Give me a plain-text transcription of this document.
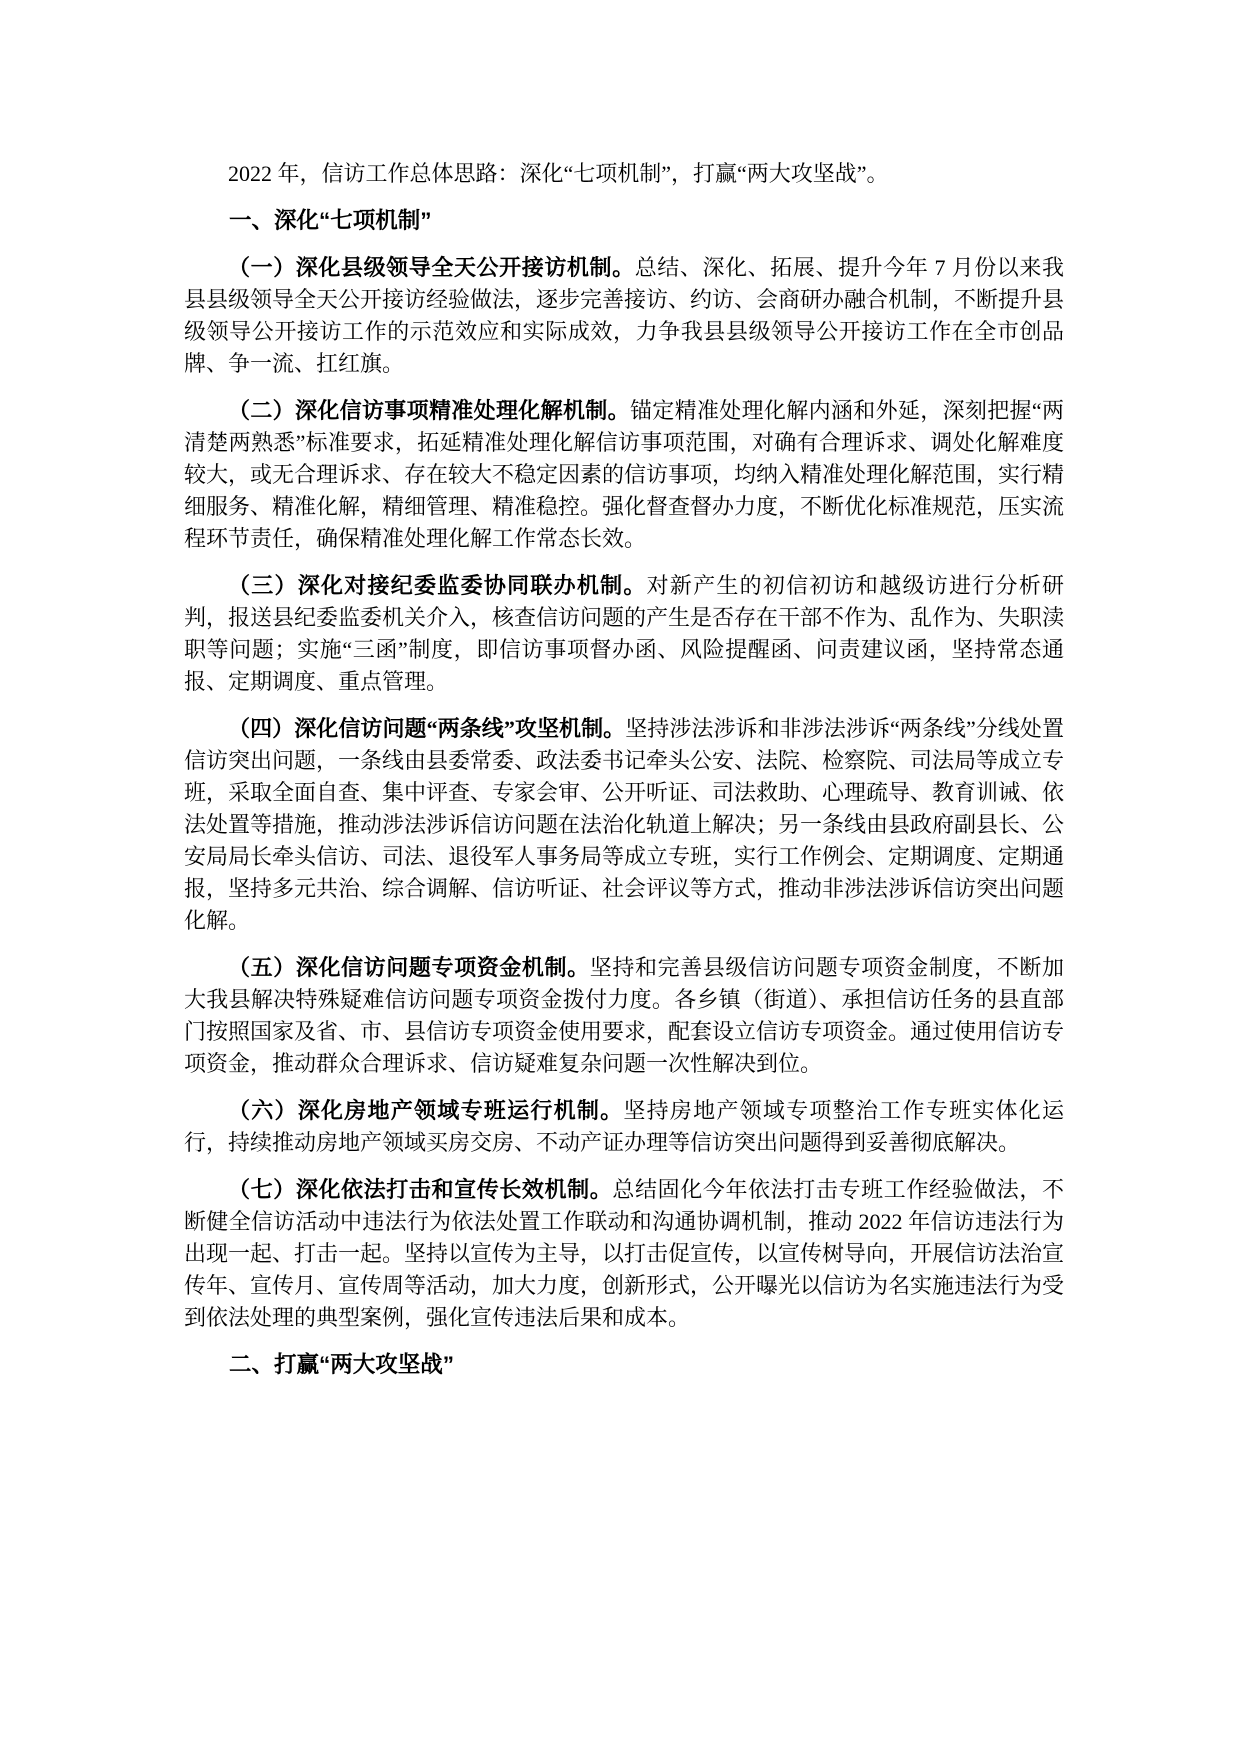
2022 年，信访工作总体思路：深化“七项机制”，打赢“两大攻坚战”。

一、深化“七项机制”

（一）深化县级领导全天公开接访机制。总结、深化、拓展、提升今年 7 月份以来我县县级领导全天公开接访经验做法，逐步完善接访、约访、会商研办融合机制，不断提升县级领导公开接访工作的示范效应和实际成效，力争我县县级领导公开接访工作在全市创品牌、争一流、扛红旗。

（二）深化信访事项精准处理化解机制。锚定精准处理化解内涵和外延，深刻把握“两清楚两熟悉”标准要求，拓延精准处理化解信访事项范围，对确有合理诉求、调处化解难度较大，或无合理诉求、存在较大不稳定因素的信访事项，均纳入精准处理化解范围，实行精细服务、精准化解，精细管理、精准稳控。强化督查督办力度，不断优化标准规范，压实流程环节责任，确保精准处理化解工作常态长效。

（三）深化对接纪委监委协同联办机制。对新产生的初信初访和越级访进行分析研判，报送县纪委监委机关介入，核查信访问题的产生是否存在干部不作为、乱作为、失职渎职等问题；实施“三函”制度，即信访事项督办函、风险提醒函、问责建议函，坚持常态通报、定期调度、重点管理。

（四）深化信访问题“两条线”攻坚机制。坚持涉法涉诉和非涉法涉诉“两条线”分线处置信访突出问题，一条线由县委常委、政法委书记牵头公安、法院、检察院、司法局等成立专班，采取全面自查、集中评查、专家会审、公开听证、司法救助、心理疏导、教育训诫、依法处置等措施，推动涉法涉诉信访问题在法治化轨道上解决；另一条线由县政府副县长、公安局局长牵头信访、司法、退役军人事务局等成立专班，实行工作例会、定期调度、定期通报，坚持多元共治、综合调解、信访听证、社会评议等方式，推动非涉法涉诉信访突出问题化解。

（五）深化信访问题专项资金机制。坚持和完善县级信访问题专项资金制度，不断加大我县解决特殊疑难信访问题专项资金拨付力度。各乡镇（街道）、承担信访任务的县直部门按照国家及省、市、县信访专项资金使用要求，配套设立信访专项资金。通过使用信访专项资金，推动群众合理诉求、信访疑难复杂问题一次性解决到位。

（六）深化房地产领域专班运行机制。坚持房地产领域专项整治工作专班实体化运行，持续推动房地产领域买房交房、不动产证办理等信访突出问题得到妥善彻底解决。

（七）深化依法打击和宣传长效机制。总结固化今年依法打击专班工作经验做法，不断健全信访活动中违法行为依法处置工作联动和沟通协调机制，推动 2022 年信访违法行为出现一起、打击一起。坚持以宣传为主导，以打击促宣传，以宣传树导向，开展信访法治宣传年、宣传月、宣传周等活动，加大力度，创新形式，公开曝光以信访为名实施违法行为受到依法处理的典型案例，强化宣传违法后果和成本。

二、打赢“两大攻坚战”
